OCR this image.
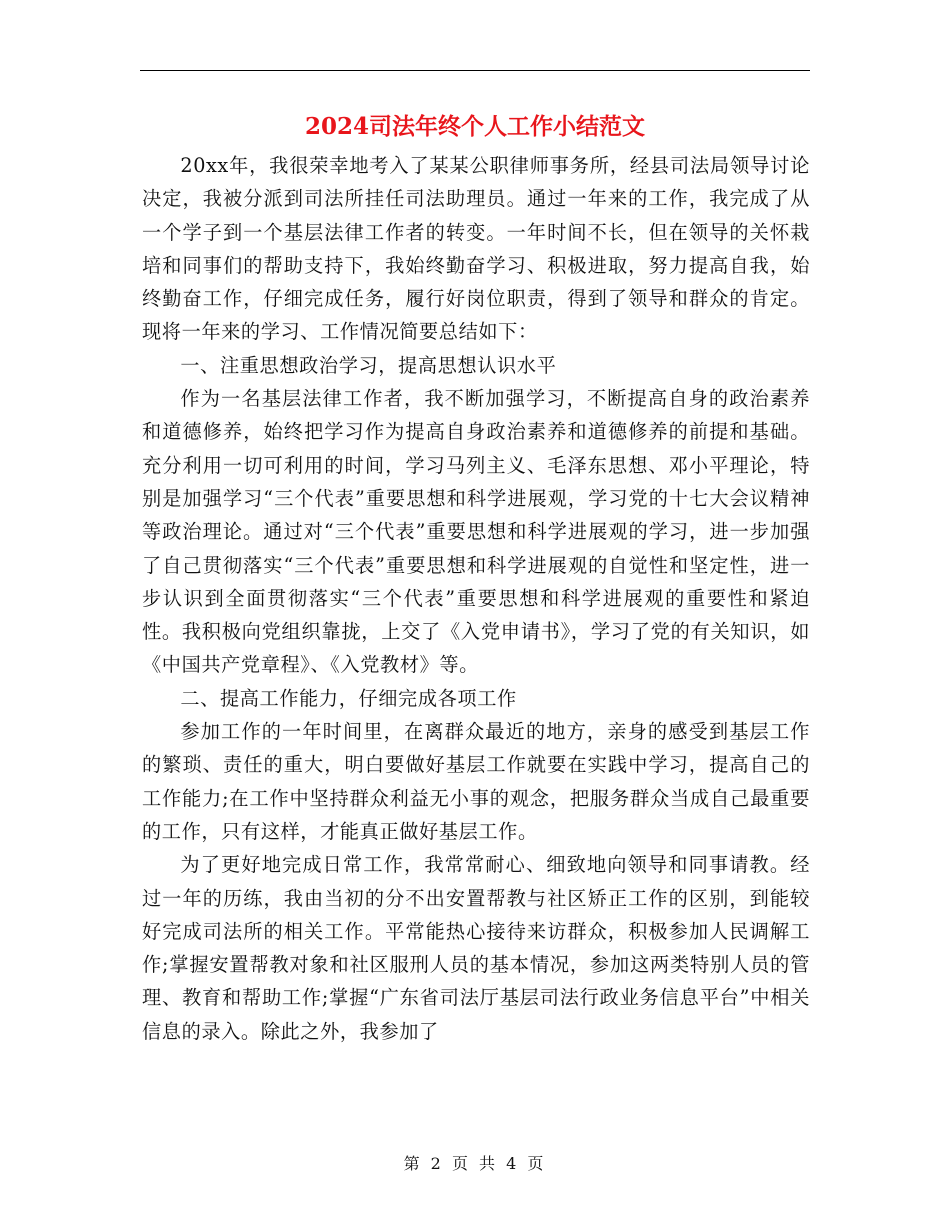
2024司法年终个人工作小结范文

20xx年，我很荣幸地考入了某某公职律师事务所，经县司法局领导讨论决定，我被分派到司法所挂任司法助理员。通过一年来的工作，我完成了从一个学子到一个基层法律工作者的转变。一年时间不长，但在领导的关怀栽培和同事们的帮助支持下，我始终勤奋学习、积极进取，努力提高自我，始终勤奋工作，仔细完成任务，履行好岗位职责，得到了领导和群众的肯定。现将一年来的学习、工作情况简要总结如下：

一、注重思想政治学习，提高思想认识水平

作为一名基层法律工作者，我不断加强学习，不断提高自身的政治素养和道德修养，始终把学习作为提高自身政治素养和道德修养的前提和基础。充分利用一切可利用的时间，学习马列主义、毛泽东思想、邓小平理论，特别是加强学习“三个代表”重要思想和科学进展观，学习党的十七大会议精神等政治理论。通过对“三个代表”重要思想和科学进展观的学习，进一步加强了自己贯彻落实“三个代表”重要思想和科学进展观的自觉性和坚定性，进一步认识到全面贯彻落实“三个代表”重要思想和科学进展观的重要性和紧迫性。我积极向党组织靠拢，上交了《入党申请书》，学习了党的有关知识，如《中国共产党章程》、《入党教材》等。

二、提高工作能力，仔细完成各项工作

参加工作的一年时间里，在离群众最近的地方，亲身的感受到基层工作的繁琐、责任的重大，明白要做好基层工作就要在实践中学习，提高自己的工作能力;在工作中坚持群众利益无小事的观念，把服务群众当成自己最重要的工作，只有这样，才能真正做好基层工作。

为了更好地完成日常工作，我常常耐心、细致地向领导和同事请教。经过一年的历练，我由当初的分不出安置帮教与社区矫正工作的区别，到能较好完成司法所的相关工作。平常能热心接待来访群众，积极参加人民调解工作;掌握安置帮教对象和社区服刑人员的基本情况，参加这两类特别人员的管理、教育和帮助工作;掌握“广东省司法厅基层司法行政业务信息平台”中相关信息的录入。除此之外，我参加了

第 2 页 共 4 页
